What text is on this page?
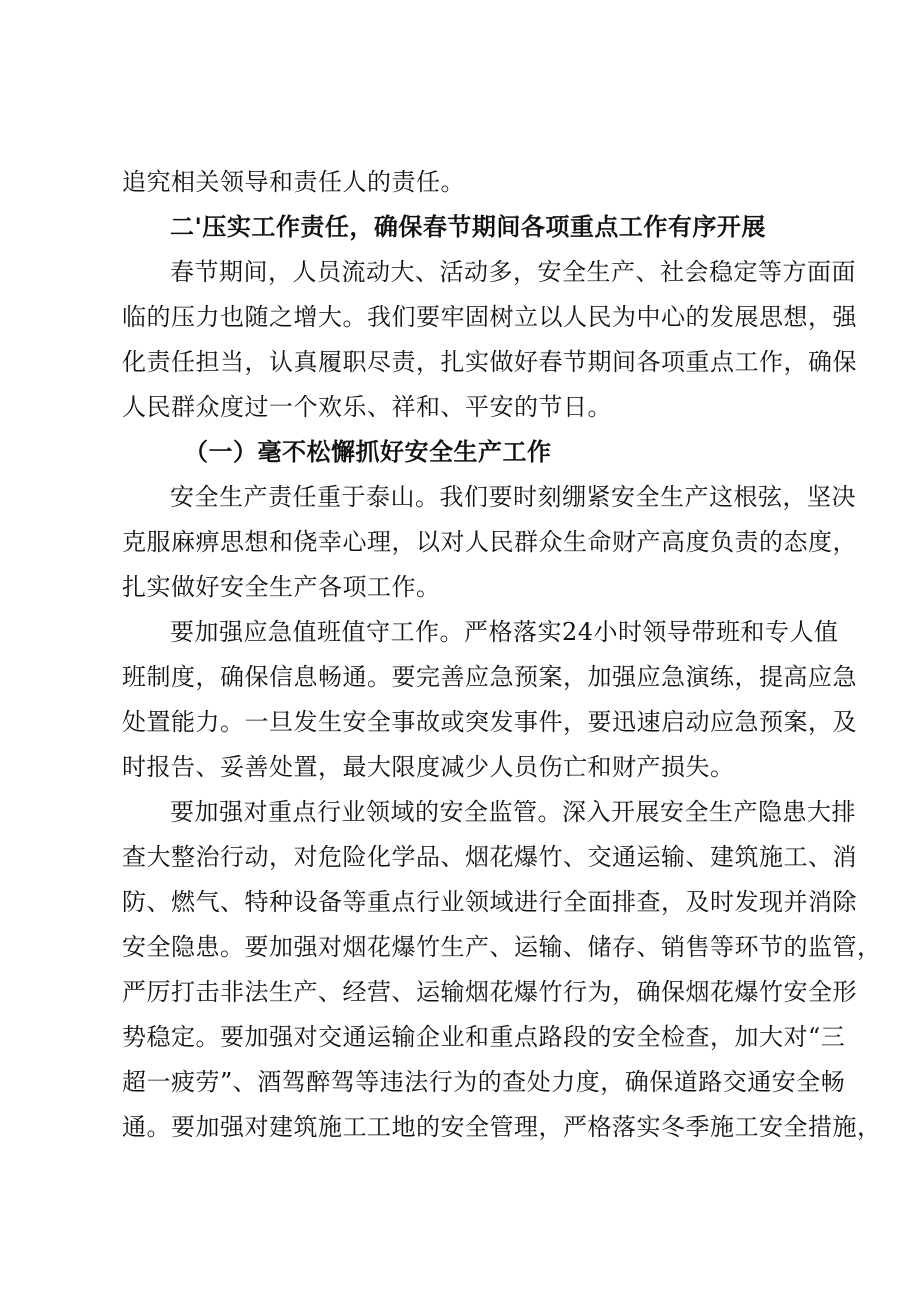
追究相关领导和责任人的责任。
二'压实工作责任，确保春节期间各项重点工作有序开展
春节期间，人员流动大、活动多，安全生产、社会稳定等方面面
临的压力也随之增大。我们要牢固树立以人民为中心的发展思想，强
化责任担当，认真履职尽责，扎实做好春节期间各项重点工作，确保
人民群众度过一个欢乐、祥和、平安的节日。
（一）毫不松懈抓好安全生产工作
安全生产责任重于泰山。我们要时刻绷紧安全生产这根弦，坚决
克服麻痹思想和侥幸心理，以对人民群众生命财产高度负责的态度，
扎实做好安全生产各项工作。
要加强应急值班值守工作。严格落实24小时领导带班和专人值
班制度，确保信息畅通。要完善应急预案，加强应急演练，提高应急
处置能力。一旦发生安全事故或突发事件，要迅速启动应急预案，及
时报告、妥善处置，最大限度减少人员伤亡和财产损失。
要加强对重点行业领域的安全监管。深入开展安全生产隐患大排
查大整治行动，对危险化学品、烟花爆竹、交通运输、建筑施工、消
防、燃气、特种设备等重点行业领域进行全面排查，及时发现并消除
安全隐患。要加强对烟花爆竹生产、运输、储存、销售等环节的监管，
严厉打击非法生产、经营、运输烟花爆竹行为，确保烟花爆竹安全形
势稳定。要加强对交通运输企业和重点路段的安全检查，加大对“三
超一疲劳”、酒驾醉驾等违法行为的查处力度，确保道路交通安全畅
通。要加强对建筑施工工地的安全管理，严格落实冬季施工安全措施，
